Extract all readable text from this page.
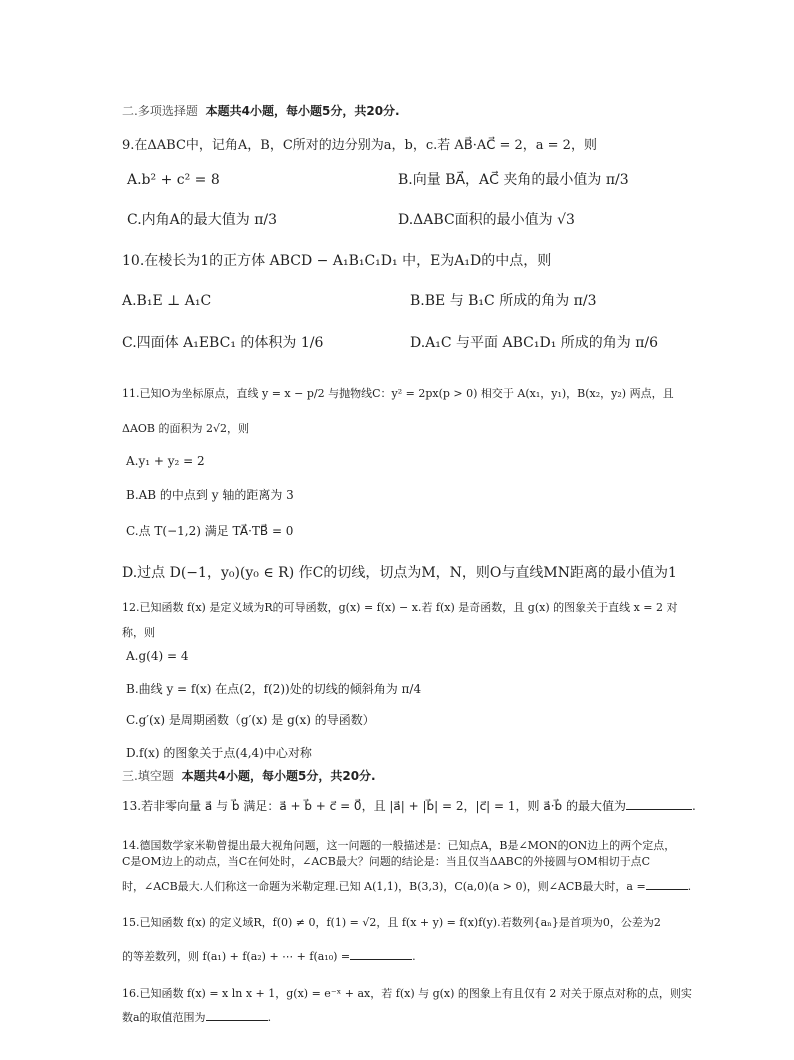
二.多项选择题 本题共4小题，每小题5分，共20分.
9.在ΔABC中，记角A，B，C所对的边分别为a，b，c.若 AB⃗·AC⃗ = 2，a = 2，则
A.b² + c² = 8	B.向量 BA⃗，AC⃗ 夹角的最小值为 π/3
C.内角A的最大值为 π/3	D.ΔABC面积的最小值为 √3
10.在棱长为1的正方体 ABCD − A₁B₁C₁D₁ 中，E为A₁D的中点，则
A.B₁E ⊥ A₁C	B.BE 与 B₁C 所成的角为 π/3
C.四面体 A₁EBC₁ 的体积为 1/6	D.A₁C 与平面 ABC₁D₁ 所成的角为 π/6
11.已知O为坐标原点，直线 y = x − p/2 与抛物线C：y² = 2px(p > 0) 相交于 A(x₁，y₁)，B(x₂，y₂) 两点，且
ΔAOB 的面积为 2√2，则
A.y₁ + y₂ = 2
B.AB 的中点到 y 轴的距离为 3
C.点 T(−1,2) 满足 TA⃗·TB⃗ = 0
D.过点 D(−1，y₀)(y₀ ∈ R) 作C的切线，切点为M，N，则O与直线MN距离的最小值为1
12.已知函数 f(x) 是定义域为R的可导函数，g(x) = f(x) − x.若 f(x) 是奇函数，且 g(x) 的图象关于直线 x = 2 对
称，则
A.g(4) = 4
B.曲线 y = f(x) 在点(2，f(2))处的切线的倾斜角为 π/4
C.g′(x) 是周期函数（g′(x) 是 g(x) 的导函数）
D.f(x) 的图象关于点(4,4)中心对称
三.填空题 本题共4小题，每小题5分，共20分.
13.若非零向量 a⃗ 与 b⃗ 满足：a⃗ + b⃗ + c⃗ = 0⃗，且 |a⃗| + |b⃗| = 2，|c⃗| = 1，则 a⃗·b⃗ 的最大值为	.
14.德国数学家米勒曾提出最大视角问题，这一问题的一般描述是：已知点A，B是∠MON的ON边上的两个定点，
C是OM边上的动点，当C在何处时，∠ACB最大？问题的结论是：当且仅当ΔABC的外接圆与OM相切于点C
时，∠ACB最大.人们称这一命题为米勒定理.已知 A(1,1)，B(3,3)，C(a,0)(a > 0)，则∠ACB最大时，a =	.
15.已知函数 f(x) 的定义域R，f(0) ≠ 0，f(1) = √2，且 f(x + y) = f(x)f(y).若数列{aₙ}是首项为0，公差为2
的等差数列，则 f(a₁) + f(a₂) + ⋯ + f(a₁₀) =	.
16.已知函数 f(x) = x ln x + 1，g(x) = e⁻ˣ + ax，若 f(x) 与 g(x) 的图象上有且仅有 2 对关于原点对称的点，则实
数a的取值范围为	.
